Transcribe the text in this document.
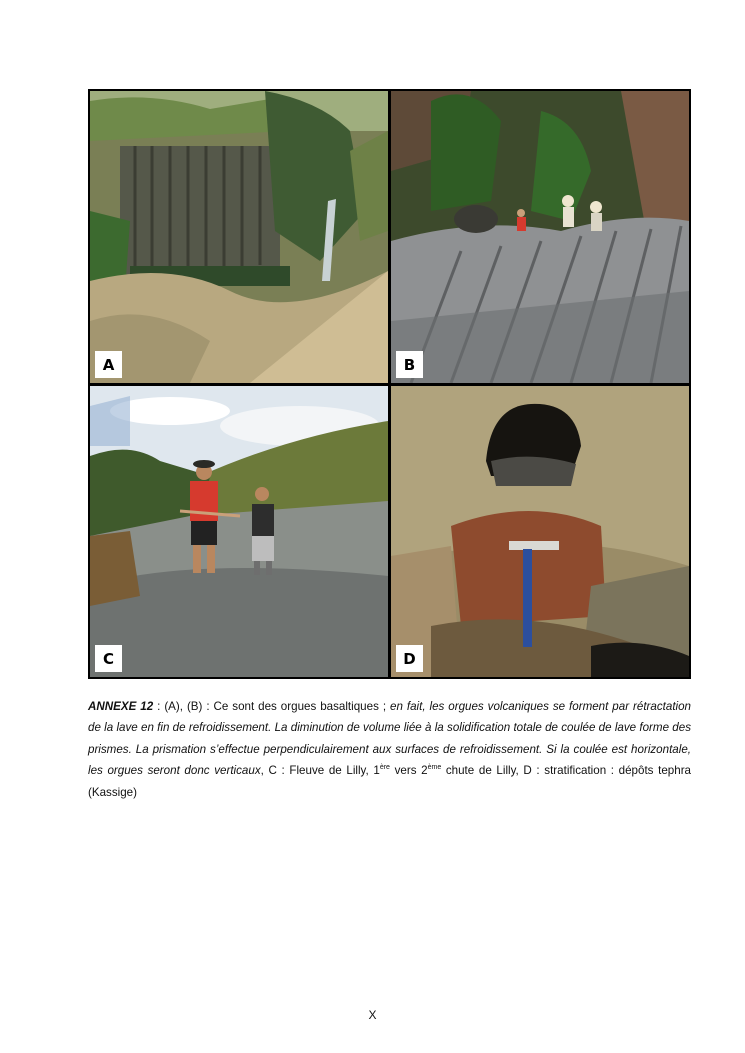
A	B
C	D
ANNEXE 12 : (A), (B) : Ce sont des orgues basaltiques ; en fait, les orgues volcaniques se forment par rétractation de la lave en fin de refroidissement. La diminution de volume liée à la solidification totale de coulée de lave forme des prismes. La prismation s’effectue perpendiculairement aux surfaces de refroidissement. Si la coulée est horizontale, les orgues seront donc verticaux, C : Fleuve de Lilly, 1ère vers 2ème chute de Lilly, D : stratification : dépôts tephra (Kassige)
X
